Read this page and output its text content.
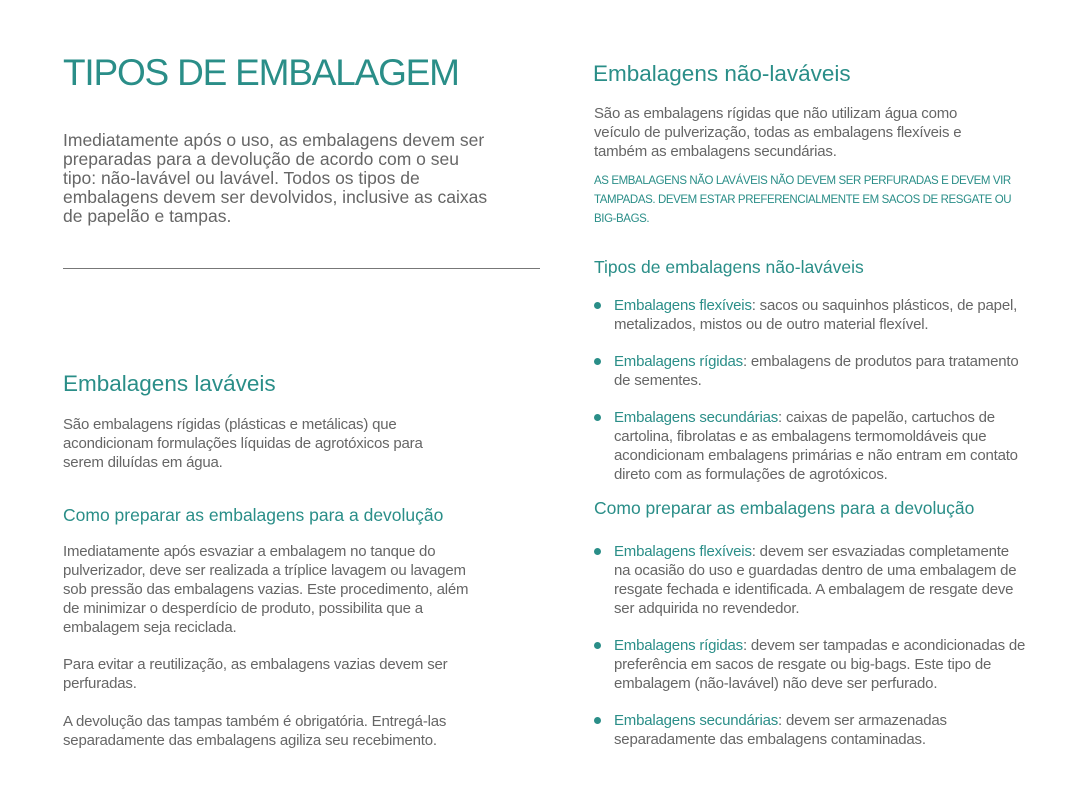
TIPOS DE EMBALAGEM

Imediatamente após o uso, as embalagens devem ser preparadas para a devolução de acordo com o seu tipo: não-lavável ou lavável. Todos os tipos de embalagens devem ser devolvidos, inclusive as caixas de papelão e tampas.

Embalagens laváveis

São embalagens rígidas (plásticas e metálicas) que acondicionam formulações líquidas de agrotóxicos para serem diluídas em água.

Como preparar as embalagens para a devolução

Imediatamente após esvaziar a embalagem no tanque do pulverizador, deve ser realizada a tríplice lavagem ou lavagem sob pressão das embalagens vazias. Este procedimento, além de minimizar o desperdício de produto, possibilita que a embalagem seja reciclada.

Para evitar a reutilização, as embalagens vazias devem ser perfuradas.

A devolução das tampas também é obrigatória. Entregá-las separadamente das embalagens agiliza seu recebimento.

Embalagens não-laváveis

São as embalagens rígidas que não utilizam água como veículo de pulverização, todas as embalagens flexíveis e também as embalagens secundárias.

AS EMBALAGENS NÃO LAVÁVEIS NÃO DEVEM SER PERFURADAS E DEVEM VIR TAMPADAS. DEVEM ESTAR PREFERENCIALMENTE EM SACOS DE RESGATE OU BIG-BAGS.

Tipos de embalagens não-laváveis
Embalagens flexíveis: sacos ou saquinhos plásticos, de papel, metalizados, mistos ou de outro material flexível.
Embalagens rígidas: embalagens de produtos para tratamento de sementes.
Embalagens secundárias: caixas de papelão, cartuchos de cartolina, fibrolatas e as embalagens termomoldáveis que acondicionam embalagens primárias e não entram em contato direto com as formulações de agrotóxicos.
Como preparar as embalagens para a devolução
Embalagens flexíveis: devem ser esvaziadas completamente na ocasião do uso e guardadas dentro de uma embalagem de resgate fechada e identificada. A embalagem de resgate deve ser adquirida no revendedor.
Embalagens rígidas: devem ser tampadas e acondicionadas de preferência em sacos de resgate ou big-bags. Este tipo de embalagem (não-lavável) não deve ser perfurado.
Embalagens secundárias: devem ser armazenadas separadamente das embalagens contaminadas.
